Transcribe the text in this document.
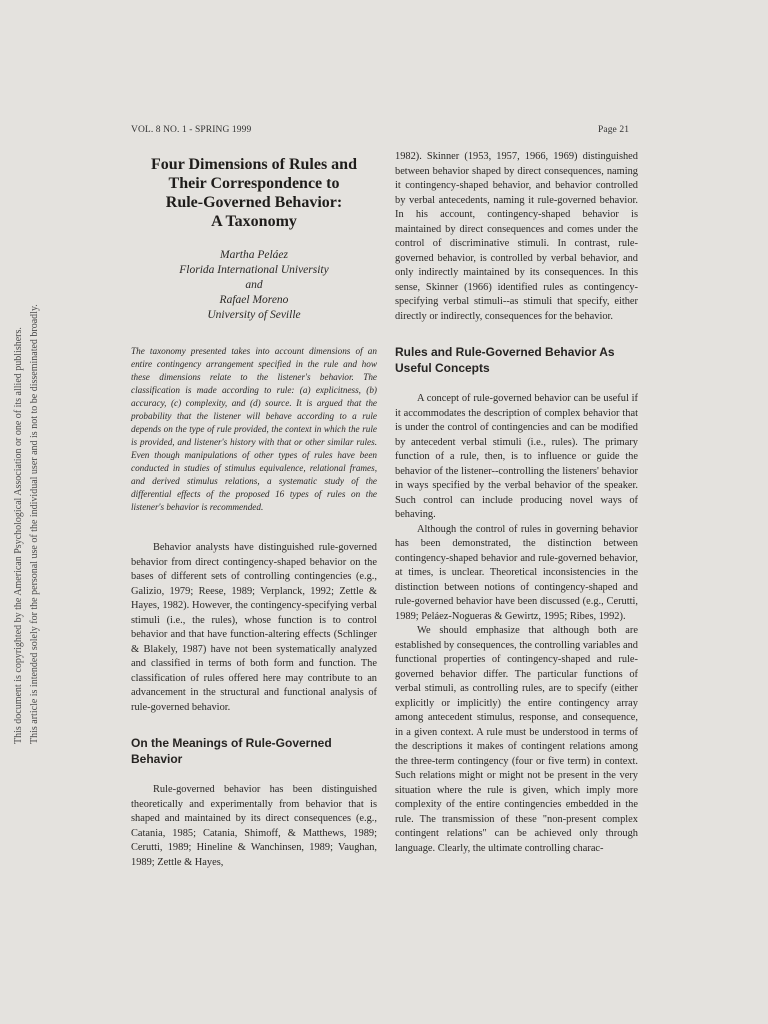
This document is copyrighted by the American Psychological Association or one of its allied publishers. This article is intended solely for the personal use of the individual user and is not to be disseminated broadly.
VOL. 8 NO. 1 - SPRING 1999	Page 21
Four Dimensions of Rules and
Their Correspondence to
Rule-Governed Behavior:
A Taxonomy
Martha Peláez
Florida International University
and
Rafael Moreno
University of Seville

The taxonomy presented takes into account dimensions of an entire contingency arrangement specified in the rule and how these dimensions relate to the listener's behavior. The classification is made according to rule: (a) explicitness, (b) accuracy, (c) complexity, and (d) source. It is argued that the probability that the listener will behave according to a rule depends on the type of rule provided, the context in which the rule is provided, and listener's history with that or other similar rules. Even though manipulations of other types of rules have been conducted in studies of stimulus equivalence, relational frames, and derived stimulus relations, a systematic study of the differential effects of the proposed 16 types of rules on the listener's behavior is recommended.

Behavior analysts have distinguished rule-governed behavior from direct contingency-shaped behavior on the bases of different sets of controlling contingencies (e.g., Galizio, 1979; Reese, 1989; Verplanck, 1992; Zettle & Hayes, 1982). However, the contingency-specifying verbal stimuli (i.e., the rules), whose function is to control behavior and that have function-altering effects (Schlinger & Blakely, 1987) have not been systematically analyzed and classified in terms of both form and function. The classification of rules offered here may contribute to an advancement in the structural and functional analysis of rule-governed behavior.

On the Meanings of Rule-Governed Behavior

Rule-governed behavior has been distinguished theoretically and experimentally from behavior that is shaped and maintained by its direct consequences (e.g., Catania, 1985; Catania, Shimoff, & Matthews, 1989; Cerutti, 1989; Hineline & Wanchinsen, 1989; Vaughan, 1989; Zettle & Hayes,

1982). Skinner (1953, 1957, 1966, 1969) distinguished between behavior shaped by direct consequences, naming it contingency-shaped behavior, and behavior controlled by verbal antecedents, naming it rule-governed behavior. In his account, contingency-shaped behavior is maintained by direct consequences and comes under the control of discriminative stimuli. In contrast, rule-governed behavior, is controlled by verbal behavior, and only indirectly maintained by its consequences. In this sense, Skinner (1966) identified rules as contingency-specifying verbal stimuli--as stimuli that specify, either directly or indirectly, consequences for the behavior.

Rules and Rule-Governed Behavior As Useful Concepts

A concept of rule-governed behavior can be useful if it accommodates the description of complex behavior that is under the control of contingencies and can be modified by antecedent verbal stimuli (i.e., rules). The primary function of a rule, then, is to influence or guide the behavior of the listener--controlling the listeners' behavior in ways specified by the verbal behavior of the speaker. Such control can include producing novel ways of behaving.

Although the control of rules in governing behavior has been demonstrated, the distinction between contingency-shaped behavior and rule-governed behavior, at times, is unclear. Theoretical inconsistencies in the distinction between notions of contingency-shaped and rule-governed behavior have been discussed (e.g., Cerutti, 1989; Peláez-Nogueras & Gewirtz, 1995; Ribes, 1992).

We should emphasize that although both are established by consequences, the controlling variables and functional properties of contingency-shaped and rule-governed behavior differ. The particular functions of verbal stimuli, as controlling rules, are to specify (either explicitly or implicitly) the entire contingency array among antecedent stimulus, response, and consequence, in a given context. A rule must be understood in terms of the descriptions it makes of contingent relations among the three-term contingency (four or five term) in context. Such relations might or might not be present in the very situation where the rule is given, which imply more complexity of the entire contingencies embedded in the rule. The transmission of these "non-present complex contingent relations" can be achieved only through language. Clearly, the ultimate controlling charac-
